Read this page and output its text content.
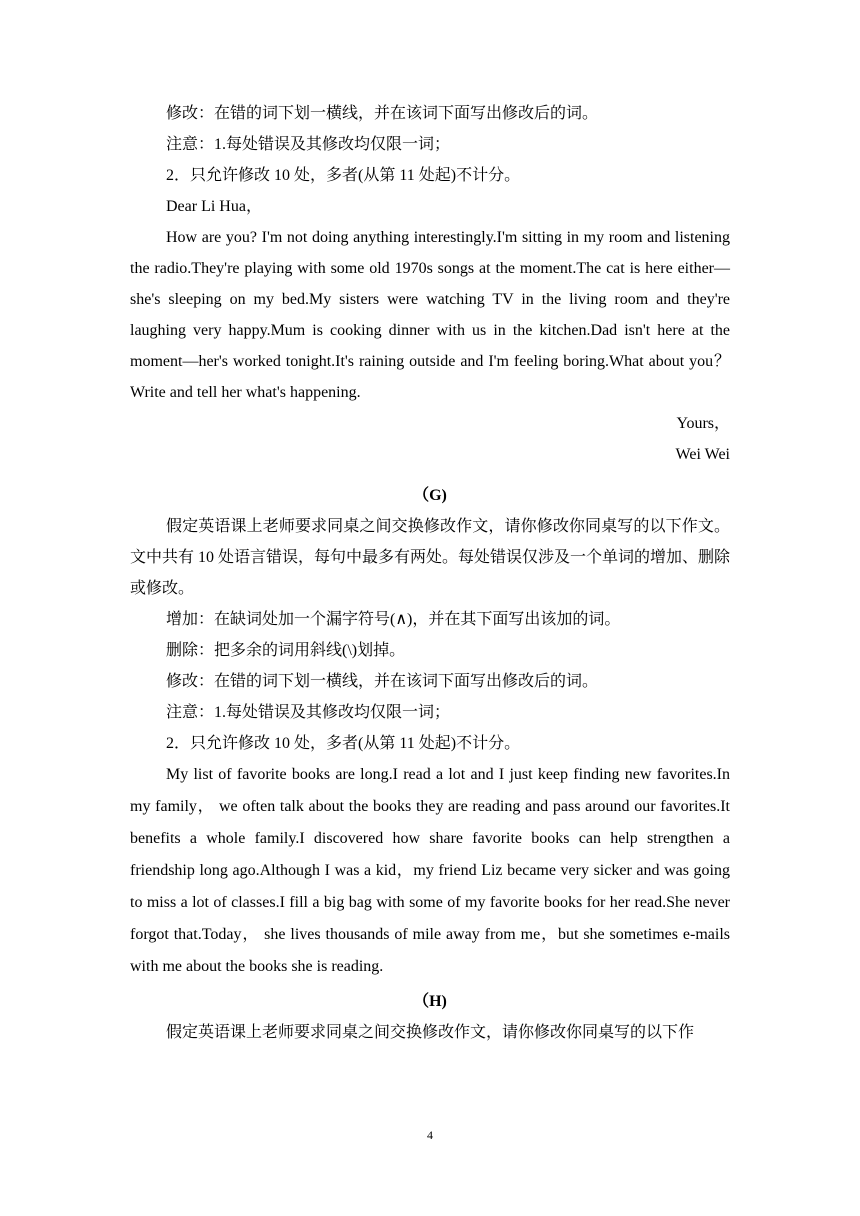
修改：在错的词下划一横线，并在该词下面写出修改后的词。

注意：1.每处错误及其修改均仅限一词；

2．只允许修改 10 处，多者(从第 11 处起)不计分。

Dear Li Hua，

How are you? I'm not doing anything interestingly.I'm sitting in my room and listening the radio.They're playing with some old 1970s songs at the moment.The cat is here either—she's sleeping on my bed.My sisters were watching TV in the living room and they're laughing very happy.Mum is cooking dinner with us in the kitchen.Dad isn't here at the moment—her's worked tonight.It's raining outside and I'm feeling boring.What about you？Write and tell her what's happening.

Yours，

Wei Wei

（G)

假定英语课上老师要求同桌之间交换修改作文，请你修改你同桌写的以下作文。文中共有 10 处语言错误，每句中最多有两处。每处错误仅涉及一个单词的增加、删除或修改。

增加：在缺词处加一个漏字符号(∧)，并在其下面写出该加的词。

删除：把多余的词用斜线(\)划掉。

修改：在错的词下划一横线，并在该词下面写出修改后的词。

注意：1.每处错误及其修改均仅限一词；

2．只允许修改 10 处，多者(从第 11 处起)不计分。

My list of favorite books are long.I read a lot and I just keep finding new favorites.In my family， we often talk about the books they are reading and pass around our favorites.It benefits a whole family.I discovered how share favorite books can help strengthen a friendship long ago.Although I was a kid，my friend Liz became very sicker and was going to miss a lot of classes.I fill a big bag with some of my favorite books for her read.She never forgot that.Today， she lives thousands of mile away from me，but she sometimes e-mails with me about the books she is reading.

（H)

假定英语课上老师要求同桌之间交换修改作文，请你修改你同桌写的以下作

4
